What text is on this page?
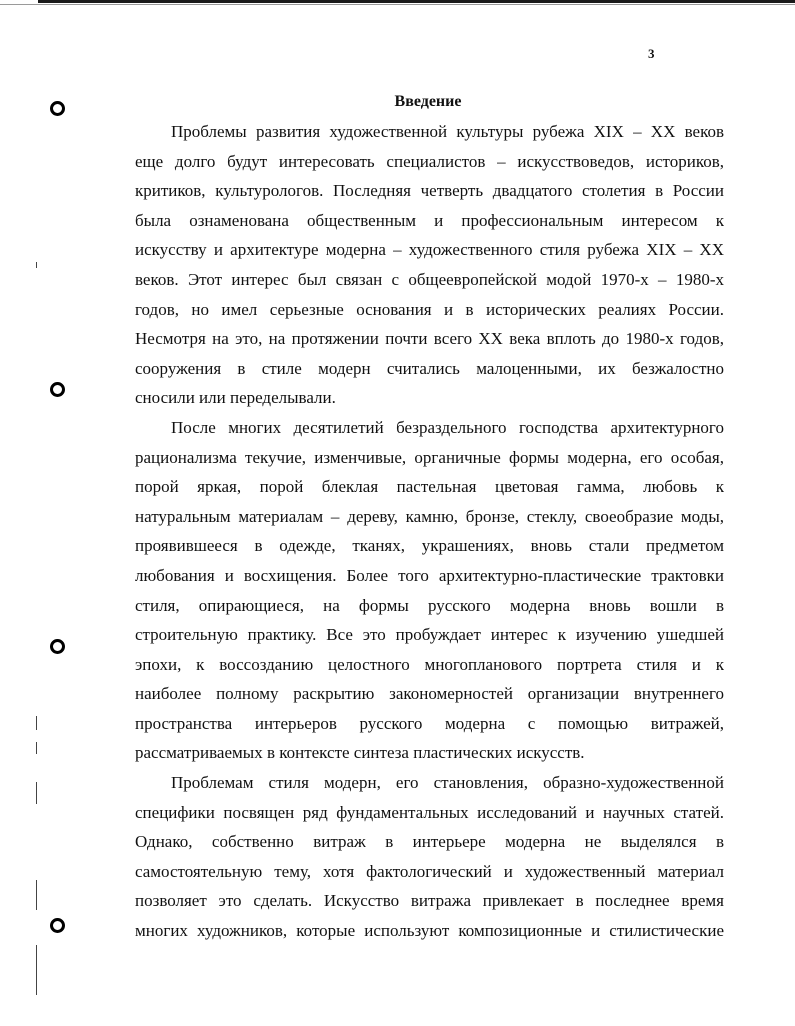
3
Введение
Проблемы развития художественной культуры рубежа XIX – XX веков
еще долго будут интересовать специалистов – искусствоведов, историков,
критиков, культурологов. Последняя четверть двадцатого столетия в России
была ознаменована общественным и профессиональным интересом к
искусству и архитектуре модерна – художественного стиля рубежа XIX – XX
веков. Этот интерес был связан с общеевропейской модой 1970-х – 1980-х
годов, но имел серьезные основания и в исторических реалиях России.
Несмотря на это, на протяжении почти всего XX века вплоть до 1980-х годов,
сооружения в стиле модерн считались малоценными, их безжалостно
сносили или переделывали.
После многих десятилетий безраздельного господства архитектурного
рационализма текучие, изменчивые, органичные формы модерна, его особая,
порой яркая, порой блеклая пастельная цветовая гамма, любовь к
натуральным материалам – дереву, камню, бронзе, стеклу, своеобразие моды,
проявившееся в одежде, тканях, украшениях, вновь стали предметом
любования и восхищения. Более того архитектурно-пластические трактовки
стиля, опирающиеся, на формы русского модерна вновь вошли в
строительную практику. Все это пробуждает интерес к изучению ушедшей
эпохи, к воссозданию целостного многопланового портрета стиля и к
наиболее полному раскрытию закономерностей организации внутреннего
пространства интерьеров русского модерна с помощью витражей,
рассматриваемых в контексте синтеза пластических искусств.
Проблемам стиля модерн, его становления, образно-художественной
специфики посвящен ряд фундаментальных исследований и научных статей.
Однако, собственно витраж в интерьере модерна не выделялся в
самостоятельную тему, хотя фактологический и художественный материал
позволяет это сделать. Искусство витража привлекает в последнее время
многих художников, которые используют композиционные и стилистические
